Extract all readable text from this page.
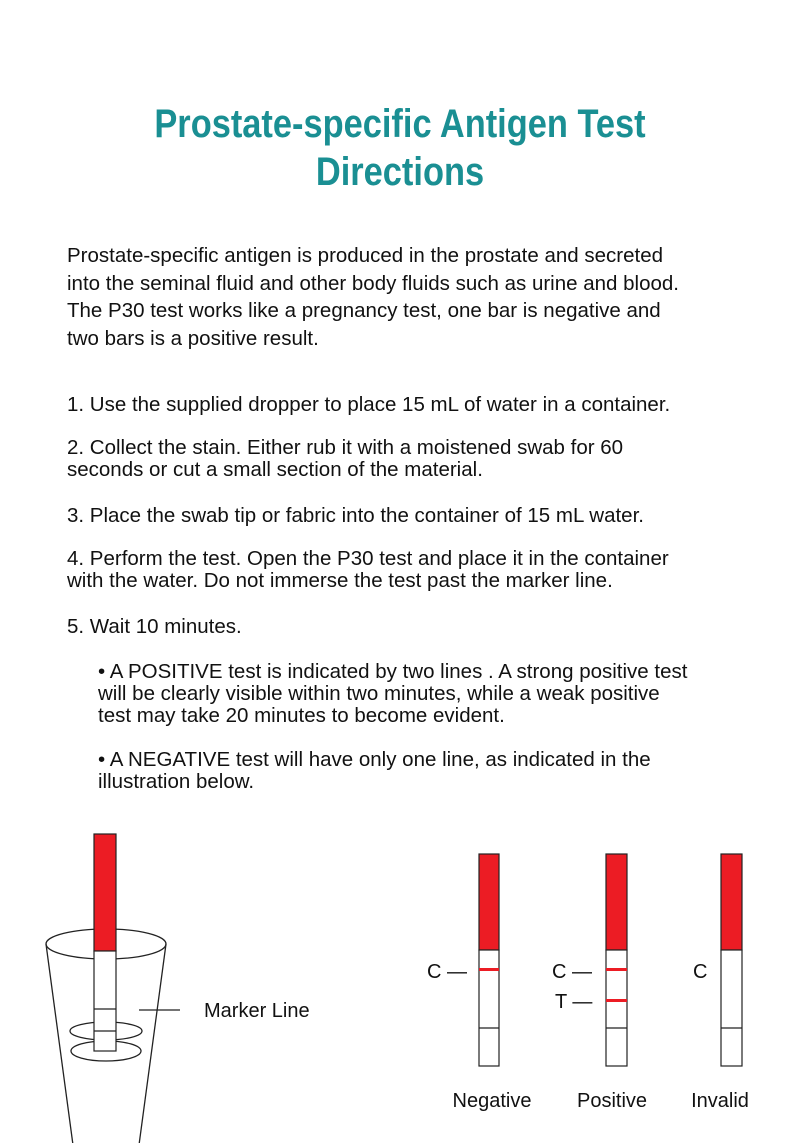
Prostate-specific Antigen Test
Directions
Prostate-specific antigen is produced in the prostate and secreted
into the seminal fluid and other body fluids such as urine and blood.
The P30 test works like a pregnancy test, one bar is negative and
two bars is a positive result.
1. Use the supplied dropper to place 15 mL of water in a container.
2. Collect the stain. Either rub it with a moistened swab for 60
seconds or cut a small section of the material.
3. Place the swab tip or fabric into the container of 15 mL water.
4. Perform the test. Open the P30 test and place it in the container
with the water. Do not immerse the test past the marker line.
5. Wait 10 minutes.
• A POSITIVE test is indicated by two lines . A strong positive test
will be clearly visible within two minutes, while a weak positive
test may take 20 minutes to become evident.
• A NEGATIVE test will have only one line, as indicated in the
illustration below.
Marker Line
C —	C —
T —
C
Negative Positive Invalid
